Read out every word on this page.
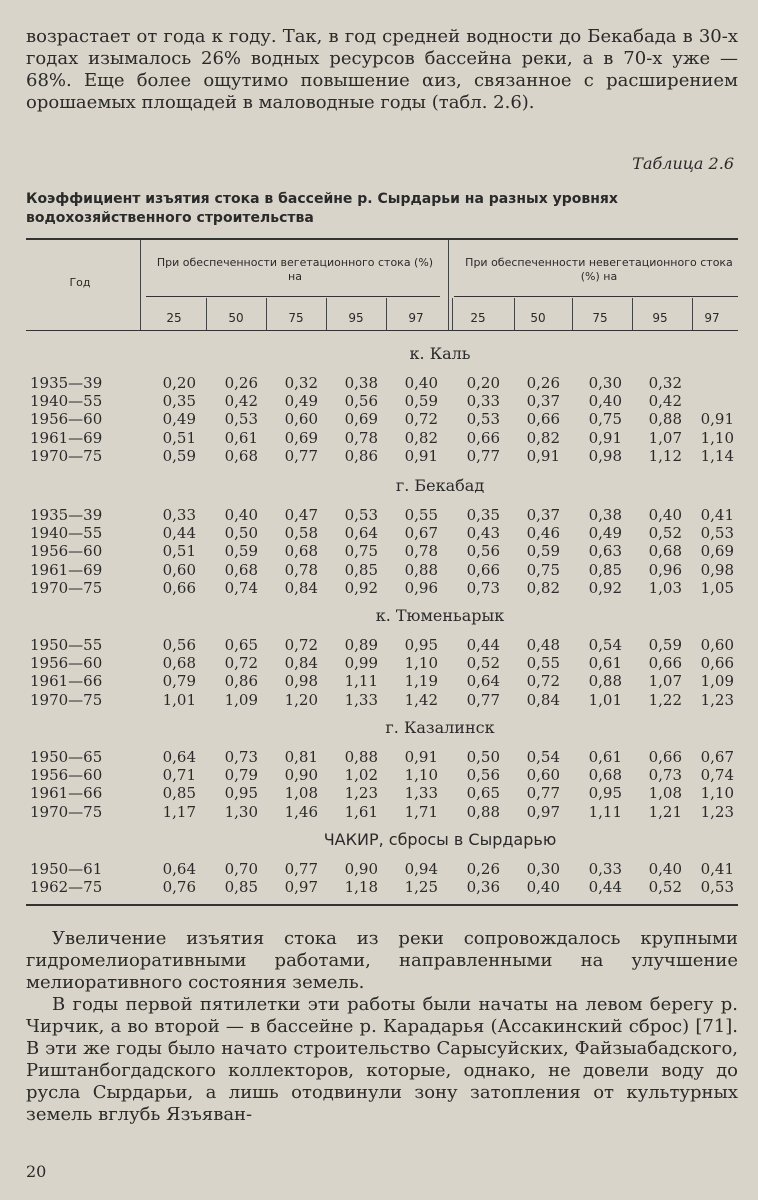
возрастает от года к году. Так, в год средней водности до Бекабада в 30-х годах изымалось 26% водных ресурсов бассейна реки, а в 70-х уже — 68%. Еще более ощутимо повышение αиз, связанное с расширением орошаемых площадей в маловодные годы (табл. 2.6).

Таблица 2.6
Коэффициент изъятия стока в бассейне р. Сырдарьи на разных уровнях водохозяйственного строительства
Год
При обеспеченности вегетационного стока (%) на
При обеспеченности невегетационного стока (%) на
25	50	75	95	97	25	50	75	95	97
к. Каль
1935—39	0,20	0,26	0,32	0,38	0,40	0,20	0,26	0,30	0,32
1940—55	0,35	0,42	0,49	0,56	0,59	0,33	0,37	0,40	0,42
1956—60	0,49	0,53	0,60	0,69	0,72	0,53	0,66	0,75	0,88	0,91
1961—69	0,51	0,61	0,69	0,78	0,82	0,66	0,82	0,91	1,07	1,10
1970—75	0,59	0,68	0,77	0,86	0,91	0,77	0,91	0,98	1,12	1,14
г. Бекабад
1935—39	0,33	0,40	0,47	0,53	0,55	0,35	0,37	0,38	0,40	0,41
1940—55	0,44	0,50	0,58	0,64	0,67	0,43	0,46	0,49	0,52	0,53
1956—60	0,51	0,59	0,68	0,75	0,78	0,56	0,59	0,63	0,68	0,69
1961—69	0,60	0,68	0,78	0,85	0,88	0,66	0,75	0,85	0,96	0,98
1970—75	0,66	0,74	0,84	0,92	0,96	0,73	0,82	0,92	1,03	1,05
к. Тюменьарык
1950—55	0,56	0,65	0,72	0,89	0,95	0,44	0,48	0,54	0,59	0,60
1956—60	0,68	0,72	0,84	0,99	1,10	0,52	0,55	0,61	0,66	0,66
1961—66	0,79	0,86	0,98	1,11	1,19	0,64	0,72	0,88	1,07	1,09
1970—75	1,01	1,09	1,20	1,33	1,42	0,77	0,84	1,01	1,22	1,23
г. Казалинск
1950—65	0,64	0,73	0,81	0,88	0,91	0,50	0,54	0,61	0,66	0,67
1956—60	0,71	0,79	0,90	1,02	1,10	0,56	0,60	0,68	0,73	0,74
1961—66	0,85	0,95	1,08	1,23	1,33	0,65	0,77	0,95	1,08	1,10
1970—75	1,17	1,30	1,46	1,61	1,71	0,88	0,97	1,11	1,21	1,23
ЧАКИР, сбросы в Сырдарью
1950—61	0,64	0,70	0,77	0,90	0,94	0,26	0,30	0,33	0,40	0,41
1962—75	0,76	0,85	0,97	1,18	1,25	0,36	0,40	0,44	0,52	0,53

Увеличение изъятия стока из реки сопровождалось крупными гидромелиоративными работами, направленными на улучшение мелиоративного состояния земель.

В годы первой пятилетки эти работы были начаты на левом берегу р. Чирчик, а во второй — в бассейне р. Карадарья (Ассакинский сброс) [71]. В эти же годы было начато строительство Сарысуйских, Файзыабадского, Риштанбогдадского коллекторов, которые, однако, не довели воду до русла Сырдарьи, а лишь отодвинули зону затопления от культурных земель вглубь Язъяван-

20
